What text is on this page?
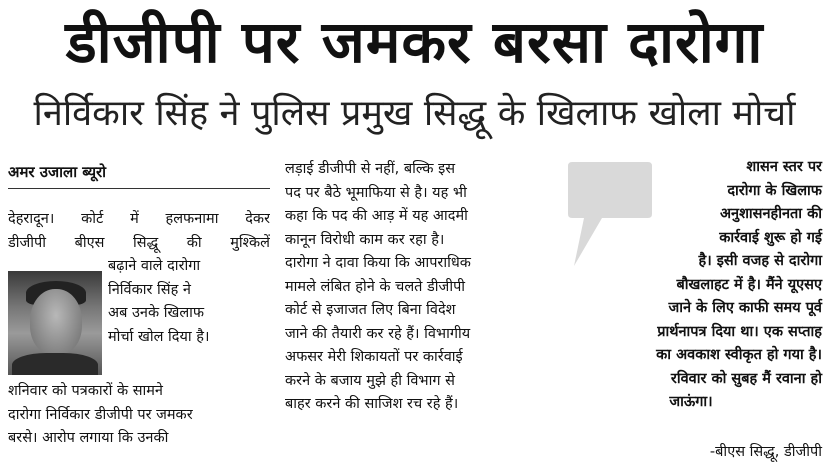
डीजीपी पर जमकर बरसा दारोगा
निर्विकार सिंह ने पुलिस प्रमुख सिद्धू के खिलाफ खोला मोर्चा
अमर उजाला ब्यूरो
देहरादून। कोर्ट में हलफनामा देकर
डीजीपी बीएस सिद्धू की मुश्किलें
बढ़ाने वाले दारोगा
निर्विकार सिंह ने
अब उनके खिलाफ
मोर्चा खोल दिया है।
शनिवार को पत्रकारों के सामने
दारोगा निर्विकार डीजीपी पर जमकर
बरसे। आरोप लगाया कि उनकी
लड़ाई डीजीपी से नहीं, बल्कि इस
पद पर बैठे भूमाफिया से है। यह भी
कहा कि पद की आड़ में यह आदमी
कानून विरोधी काम कर रहा है।
दारोगा ने दावा किया कि आपराधिक
मामले लंबित होने के चलते डीजीपी
कोर्ट से इजाजत लिए बिना विदेश
जाने की तैयारी कर रहे हैं। विभागीय
अफसर मेरी शिकायतों पर कार्रवाई
करने के बजाय मुझे ही विभाग से
बाहर करने की साजिश रच रहे हैं।
शासन स्तर पर
दारोगा के खिलाफ
अनुशासनहीनता की
कार्रवाई शुरू हो गई
है। इसी वजह से दारोगा
बौखलाहट में है। मैंने यूएसए
जाने के लिए काफी समय पूर्व
प्रार्थनापत्र दिया था। एक सप्ताह
का अवकाश स्वीकृत हो गया है।
रविवार को सुबह मैं रवाना हो
जाऊंगा।
-बीएस सिद्धू, डीजीपी
